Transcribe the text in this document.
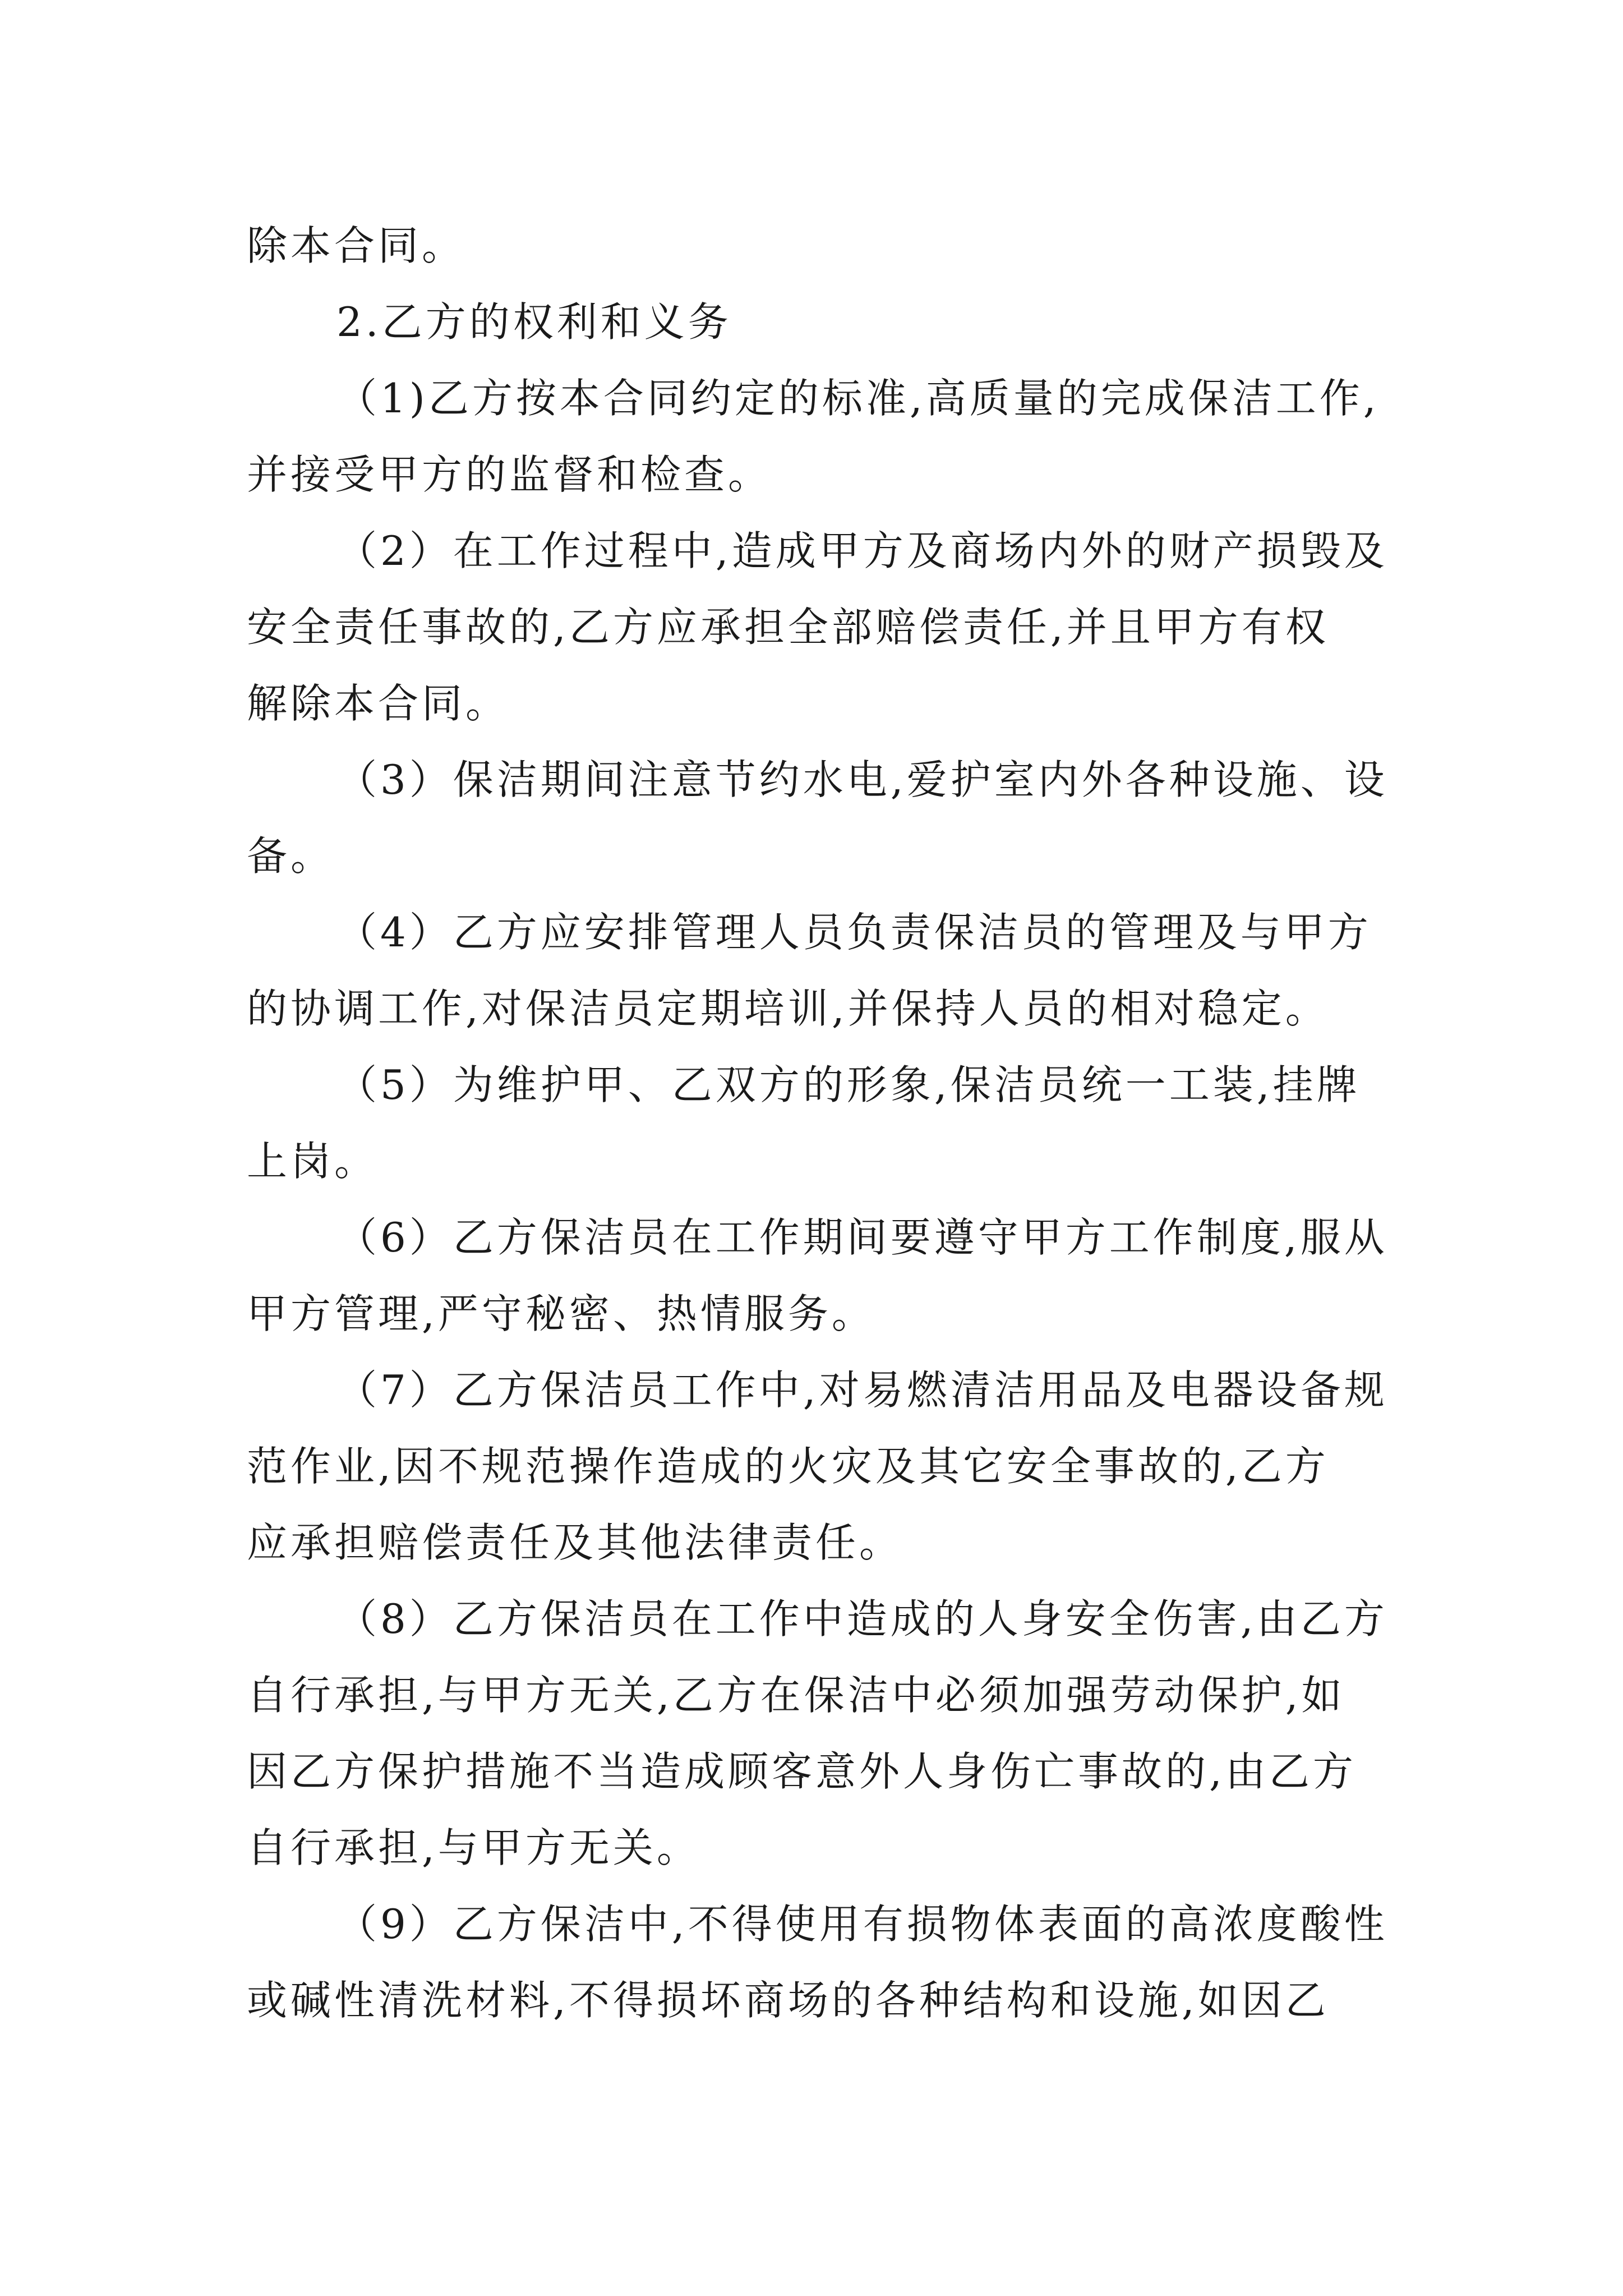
除本合同。
2.乙方的权利和义务
（1)乙方按本合同约定的标准,高质量的完成保洁工作,
并接受甲方的监督和检查。
（2）在工作过程中,造成甲方及商场内外的财产损毁及
安全责任事故的,乙方应承担全部赔偿责任,并且甲方有权
解除本合同。
（3）保洁期间注意节约水电,爱护室内外各种设施、设
备。
（4）乙方应安排管理人员负责保洁员的管理及与甲方
的协调工作,对保洁员定期培训,并保持人员的相对稳定。
（5）为维护甲、乙双方的形象,保洁员统一工装,挂牌
上岗。
（6）乙方保洁员在工作期间要遵守甲方工作制度,服从
甲方管理,严守秘密、热情服务。
（7）乙方保洁员工作中,对易燃清洁用品及电器设备规
范作业,因不规范操作造成的火灾及其它安全事故的,乙方
应承担赔偿责任及其他法律责任。
（8）乙方保洁员在工作中造成的人身安全伤害,由乙方
自行承担,与甲方无关,乙方在保洁中必须加强劳动保护,如
因乙方保护措施不当造成顾客意外人身伤亡事故的,由乙方
自行承担,与甲方无关。
（9）乙方保洁中,不得使用有损物体表面的高浓度酸性
或碱性清洗材料,不得损坏商场的各种结构和设施,如因乙
